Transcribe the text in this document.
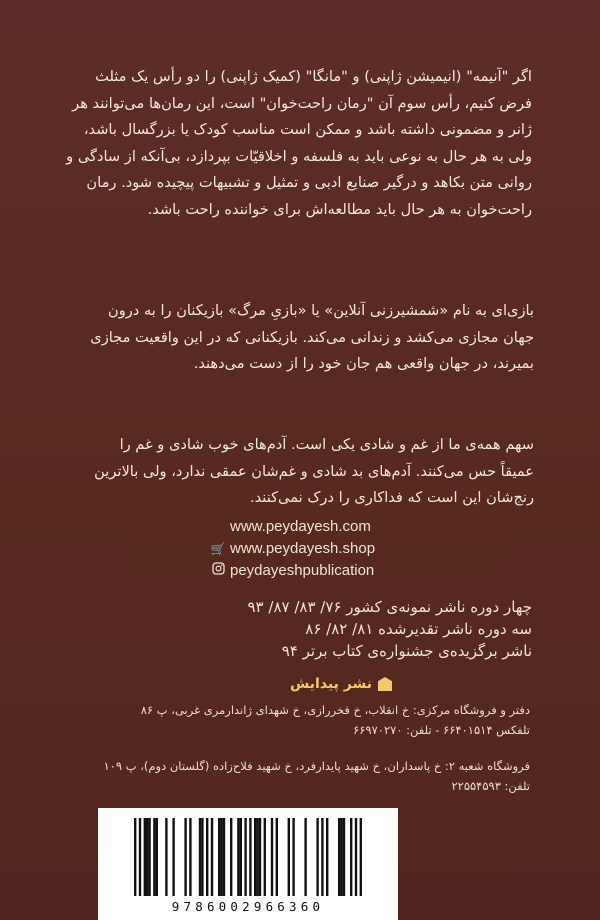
اگر "آنیمه" (انیمیشن ژاپنی) و "مانگا" (کمیک ژاپنی) را دو رأس یک مثلث
فرض کنیم، رأس سوم آن "رمان راحت‌خوان" است، این رمان‌ها می‌توانند هر
ژانر و مضمونی داشته باشد و ممکن است مناسب کودک یا بزرگسال باشد،
ولی به هر حال به نوعی باید به فلسفه و اخلاقیّات بپردازد، بی‌آنکه از سادگی و
روانی متن بکاهد و درگیر صنایع ادبی و تمثیل و تشبیهات پیچیده شود. رمان
راحت‌خوان به هر حال باید مطالعه‌اش برای خواننده راحت باشد.
بازی‌ای به نام «شمشیرزنی آنلاین» یا «بازیِ مرگ» بازیکنان را به درون
جهان مجازی می‌کشد و زندانی می‌کند. بازیکنانی که در این واقعیت مجازی
بمیرند، در جهان واقعی هم جان خود را از دست می‌دهند.
سهم همه‌ی ما از غم و شادی یکی است. آدم‌های خوب شادی و غم را
عمیقاً حس می‌کنند. آدم‌های بد شادی و غم‌شان عمقی ندارد، ولی بالاترین
رنج‌شان این است که فداکاری را درک نمی‌کنند.
www.peydayesh.com
🛒 www.peydayesh.shop
peydayeshpublication
چهار دوره ناشر نمونه‌ی کشور ۷۶/ ۸۳/ ۸۷/ ۹۳
سه دوره ناشر تقدیرشده ۸۱/ ۸۲/ ۸۶
ناشر برگزیده‌ی جشنواره‌ی کتاب برتر ۹۴
نشر پیدایش
دفتر و فروشگاه مرکزی: خ انقلاب، خ فخررازی، خ شهدای ژاندارمری غربی، پ ۸۶
تلفکس ۶۶۴۰۱۵۱۴ - تلفن: ۶۶۹۷۰۲۷۰
فروشگاه شعبه ۲: خ پاسداران، خ شهید پایدارفرد، خ شهید فلاح‌زاده (گلستان دوم)، پ ۱۰۹
تلفن: ۲۲۵۵۴۵۹۳
9786002966360
